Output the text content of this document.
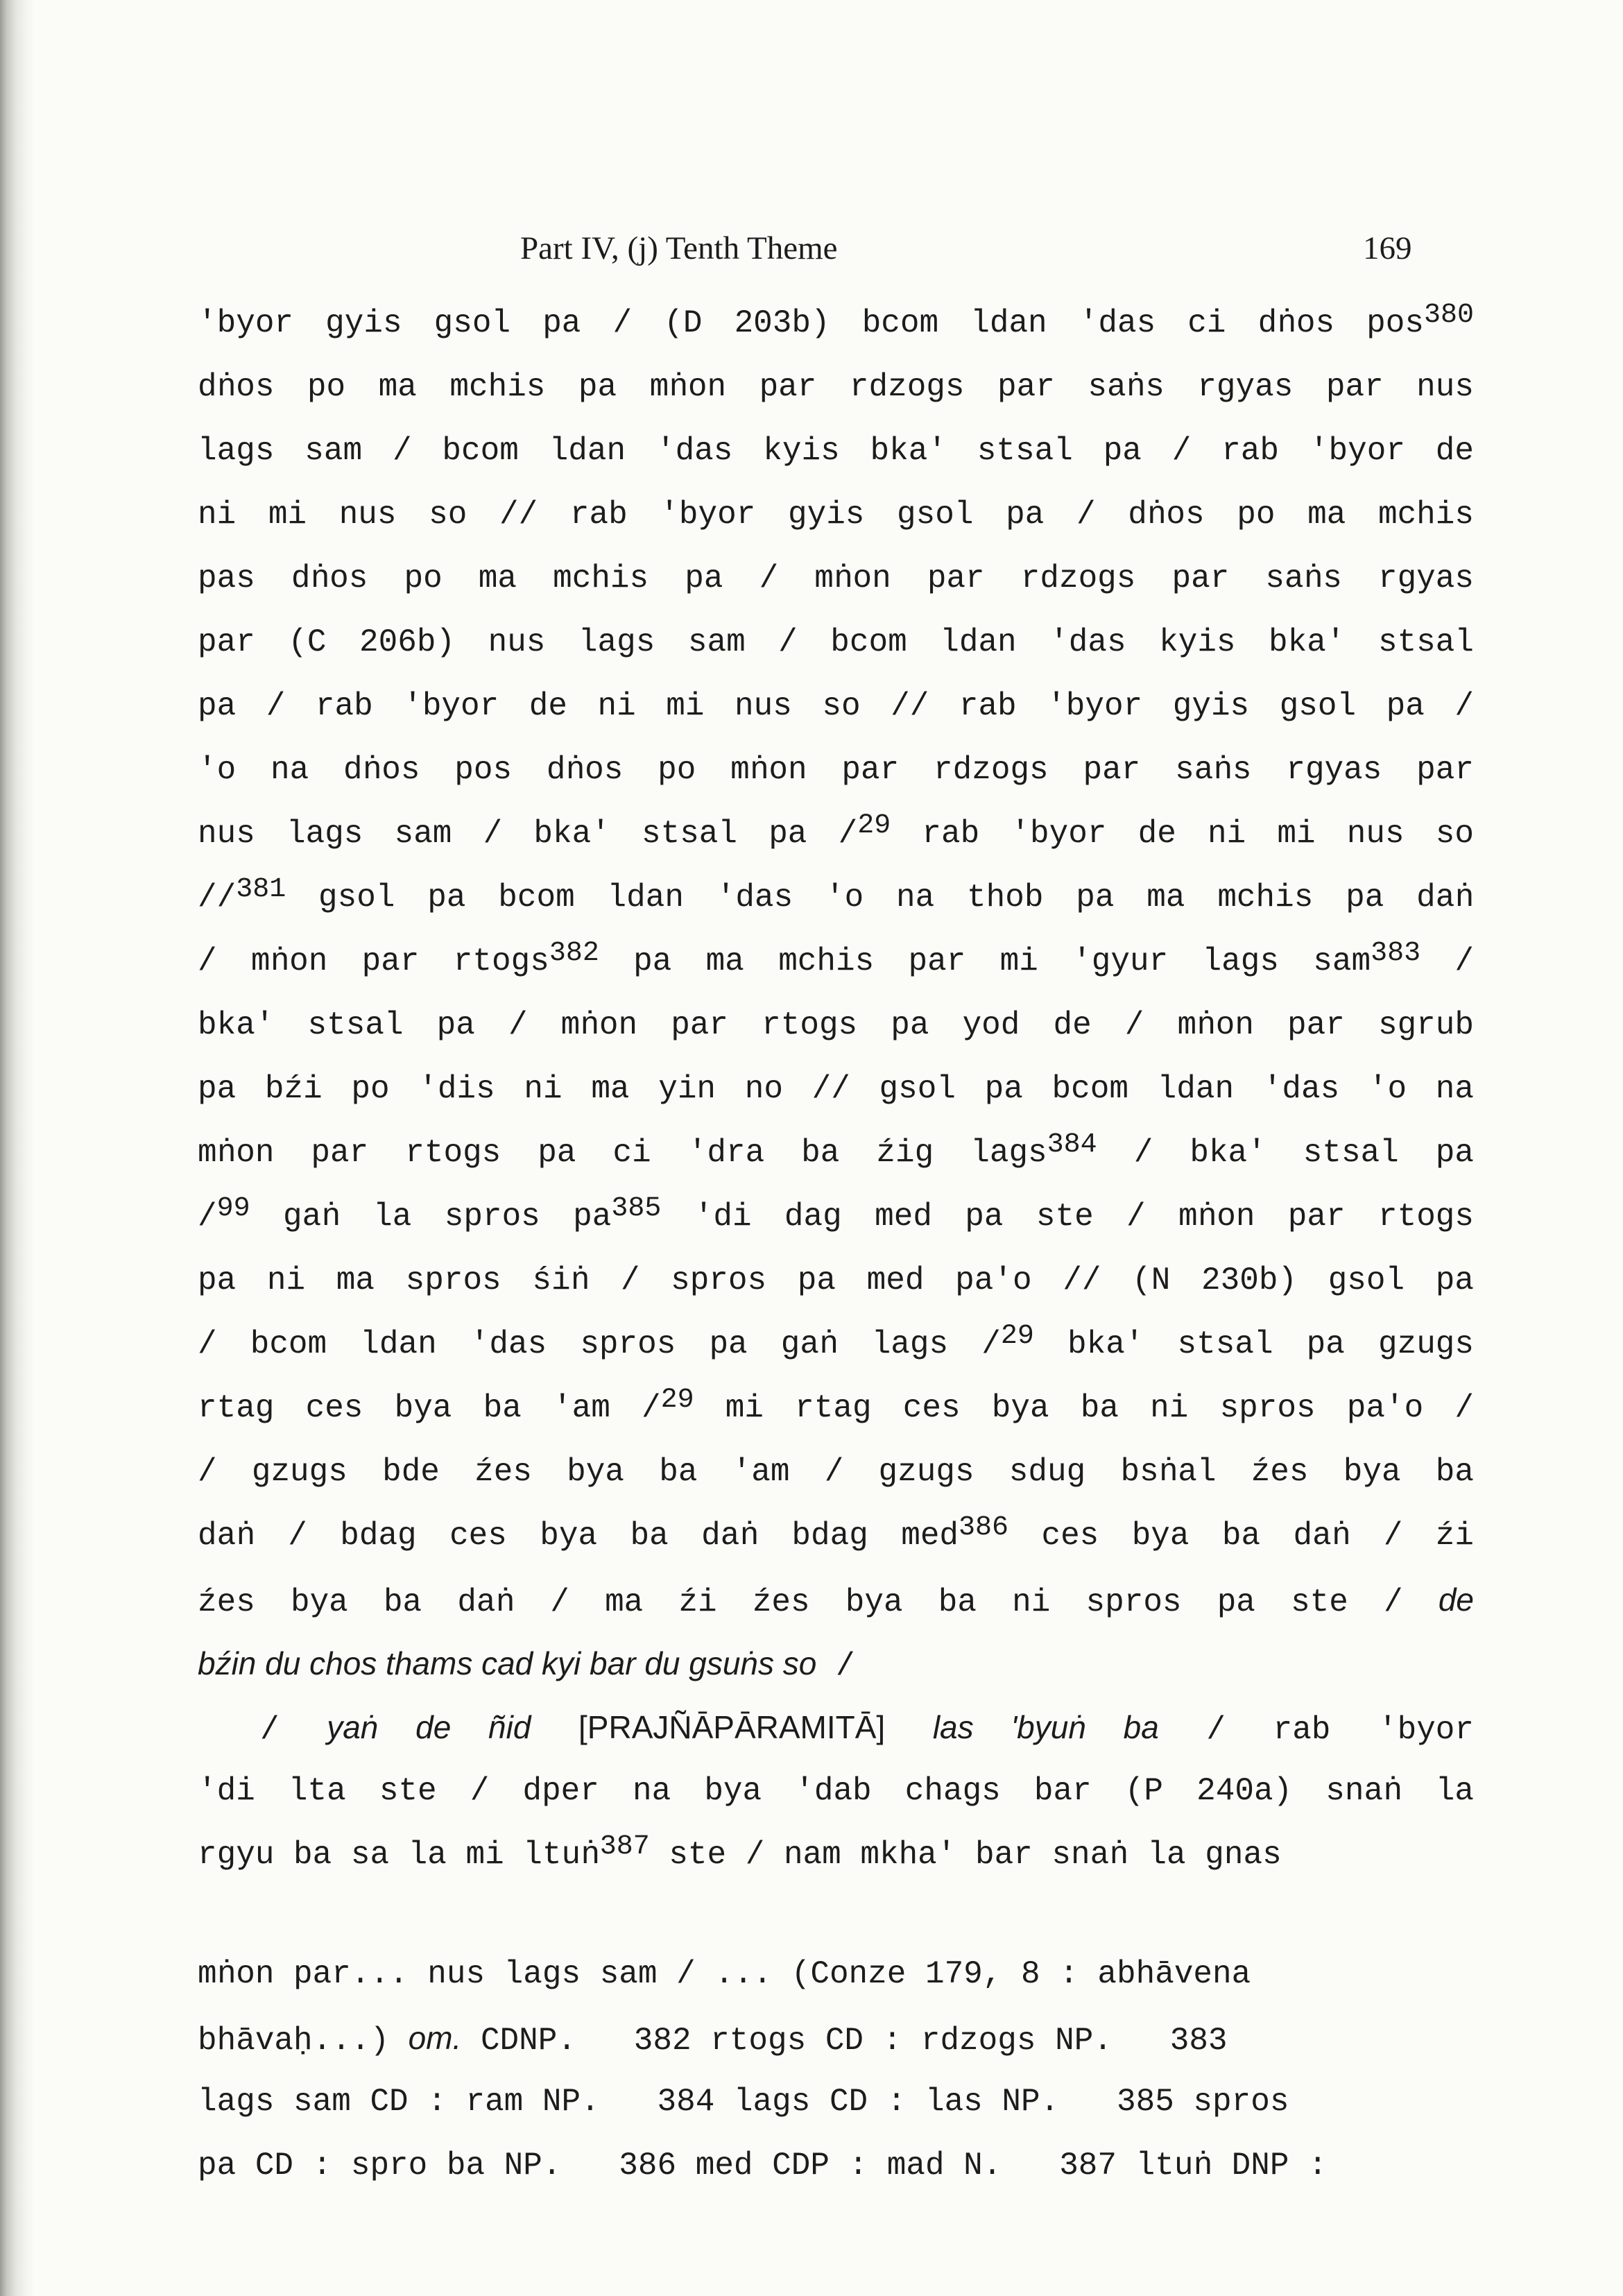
Part IV, (j) Tenth Theme	169
'byor gyis gsol pa / (D 203b) bcom ldan 'das ci dṅos pos$^{380}$
dṅos po ma mchis pa mṅon par rdzogs par saṅs rgyas par nus
lags sam / bcom ldan 'das kyis bka' stsal pa / rab 'byor de
ni mi nus so // rab 'byor gyis gsol pa / dṅos po ma mchis
pas dṅos po ma mchis pa / mṅon par rdzogs par saṅs rgyas
par (C 206b) nus lags sam / bcom ldan 'das kyis bka' stsal
pa / rab 'byor de ni mi nus so // rab 'byor gyis gsol pa /
'o na dṅos pos dṅos po mṅon par rdzogs par saṅs rgyas par
nus lags sam / bka' stsal pa /$^{29}$ rab 'byor de ni mi nus so
//$^{381}$ gsol pa bcom ldan 'das 'o na thob pa ma mchis pa daṅ
/ mṅon par rtogs$^{382}$ pa ma mchis par mi 'gyur lags sam$^{383}$ /
bka' stsal pa / mṅon par rtogs pa yod de / mṅon par sgrub
pa bźi po 'dis ni ma yin no // gsol pa bcom ldan 'das 'o na
mṅon par rtogs pa ci 'dra ba źig lags$^{384}$ / bka' stsal pa
/$^{99}$ gaṅ la spros $pa^{385}$ 'di dag med pa ste / mṅon par rtogs
pa ni ma spros śiṅ / spros pa med pa'o // (N 230b) gsol pa
/ bcom ldan 'das spros pa gaṅ lags /$^{29}$ bka' stsal pa gzugs
rtag ces bya ba 'am /$^{29}$ mi rtag ces bya ba ni spros pa'o /
/ gzugs bde źes bya ba 'am / gzugs sdug bsṅal źes bya ba
daṅ / bdag ces bya ba daṅ bdag med$^{386}$ ces bya ba daṅ / źi
źes bya ba daṅ / ma źi źes bya ba ni spros pa ste / de
bźin du chos thams cad kyi bar du gsuṅs so /
/ yaṅ de ñid [PRAJÑĀPĀRAMITĀ] las 'byuṅ ba / rab 'byor
'di lta ste / dper na bya 'dab chags bar (P 240a) snaṅ la
rgyu ba sa la mi ltuṅ$^{387}$ ste / nam mkha' bar snaṅ la gnas
mṅon par... nus lags sam / ... (Conze 179, 8 : abhāvena
bhāvaḥ...) om. CDNP.   382 rtogs CD : rdzogs NP.   383
lags sam CD : ram NP.   384 lags CD : las NP.   385 spros
pa CD : spro ba NP.   386 med CDP : mad N.   387 ltuṅ DNP :
